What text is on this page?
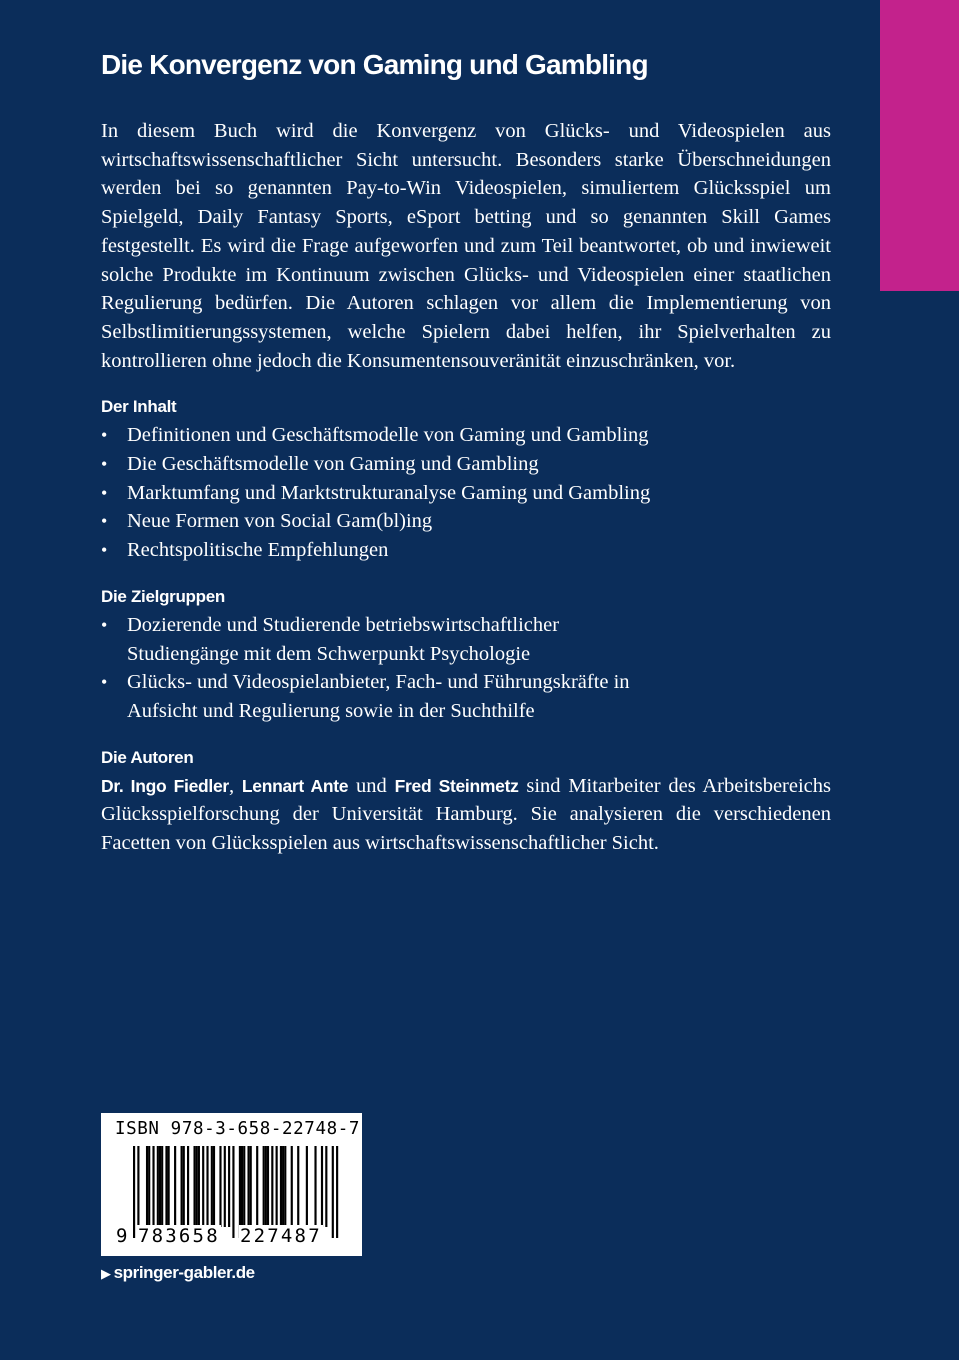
Die Konvergenz von Gaming und Gambling

In diesem Buch wird die Konvergenz von Glücks- und Videospielen aus wirtschaftswissenschaftlicher Sicht untersucht. Besonders starke Überschneidungen werden bei so genannten Pay-to-Win Videospielen, simuliertem Glücksspiel um Spielgeld, Daily Fantasy Sports, eSport betting und so genannten Skill Games festgestellt. Es wird die Frage aufgeworfen und zum Teil beantwortet, ob und inwieweit solche Produkte im Kontinuum zwischen Glücks- und Videospielen einer staatlichen Regulierung bedürfen. Die Autoren schlagen vor allem die Implementierung von Selbstlimitierungssystemen, welche Spielern dabei helfen, ihr Spielverhalten zu kontrollieren ohne jedoch die Konsumentensouveränität einzuschränken, vor.

Der Inhalt
• Definitionen und Geschäftsmodelle von Gaming und Gambling
• Die Geschäftsmodelle von Gaming und Gambling
• Marktumfang und Marktstrukturanalyse Gaming und Gambling
• Neue Formen von Social Gam(bl)ing
• Rechtspolitische Empfehlungen
Die Zielgruppen
• Dozierende und Studierende betriebswirtschaftlicher Studiengänge mit dem Schwerpunkt Psychologie
• Glücks- und Videospielanbieter, Fach- und Führungskräfte in Aufsicht und Regulierung sowie in der Suchthilfe
Die Autoren

Dr. Ingo Fiedler, Lennart Ante und Fred Steinmetz sind Mitarbeiter des Arbeitsbereichs Glücksspielforschung der Universität Hamburg. Sie analysieren die verschiedenen Facetten von Glücksspielen aus wirtschaftswissenschaftlicher Sicht.

ISBN 978-3-658-22748-7
9 783658 227487
▶ springer-gabler.de
